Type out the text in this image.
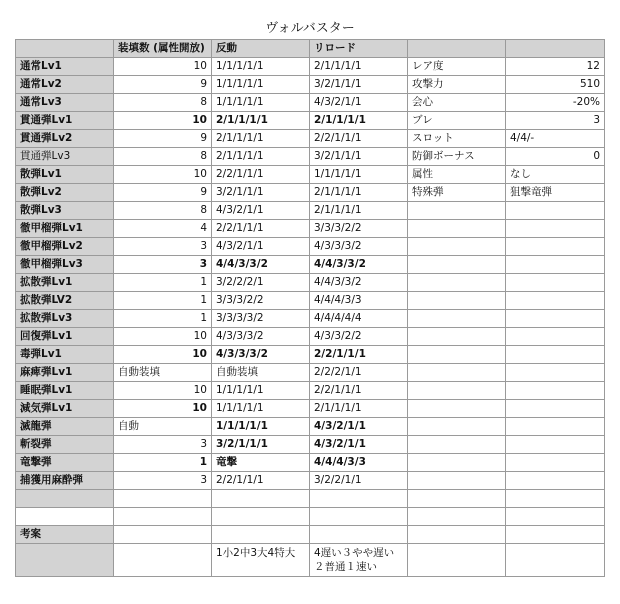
ヴォルバスター
	装填数 (属性開放)	反動	リロード		
通常Lv1	10	1/1/1/1/1	2/1/1/1/1	レア度	12
通常Lv2	9	1/1/1/1/1	3/2/1/1/1	攻撃力	510
通常Lv3	8	1/1/1/1/1	4/3/2/1/1	会心	-20%
貫通弾Lv1	10	2/1/1/1/1	2/1/1/1/1	ブレ	3
貫通弾Lv2	9	2/1/1/1/1	2/2/1/1/1	スロット	4/4/-
貫通弾Lv3	8	2/1/1/1/1	3/2/1/1/1	防御ボーナス	0
散弾Lv1	10	2/2/1/1/1	1/1/1/1/1	属性	なし
散弾Lv2	9	3/2/1/1/1	2/1/1/1/1	特殊弾	狙撃竜弾
散弾Lv3	8	4/3/2/1/1	2/1/1/1/1		
徹甲榴弾Lv1	4	2/2/1/1/1	3/3/3/2/2		
徹甲榴弾Lv2	3	4/3/2/1/1	4/3/3/3/2		
徹甲榴弾Lv3	3	4/4/3/3/2	4/4/3/3/2		
拡散弾Lv1	1	3/2/2/2/1	4/4/3/3/2		
拡散弾LV2	1	3/3/3/2/2	4/4/4/3/3		
拡散弾Lv3	1	3/3/3/3/2	4/4/4/4/4		
回復弾Lv1	10	4/3/3/3/2	4/3/3/2/2		
毒弾Lv1	10	4/3/3/3/2	2/2/1/1/1		
麻痺弾Lv1	自動装填	自動装填	2/2/2/1/1		
睡眠弾Lv1	10	1/1/1/1/1	2/2/1/1/1		
減気弾Lv1	10	1/1/1/1/1	2/1/1/1/1		
滅龍弾	自動	1/1/1/1/1	4/3/2/1/1		
斬裂弾	3	3/2/1/1/1	4/3/2/1/1		
竜撃弾	1	竜撃	4/4/4/3/3		
捕獲用麻酔弾	3	2/2/1/1/1	3/2/2/1/1		

考案					
		1小2中3大4特大	4遅い３やや遅い２普通１速い		
